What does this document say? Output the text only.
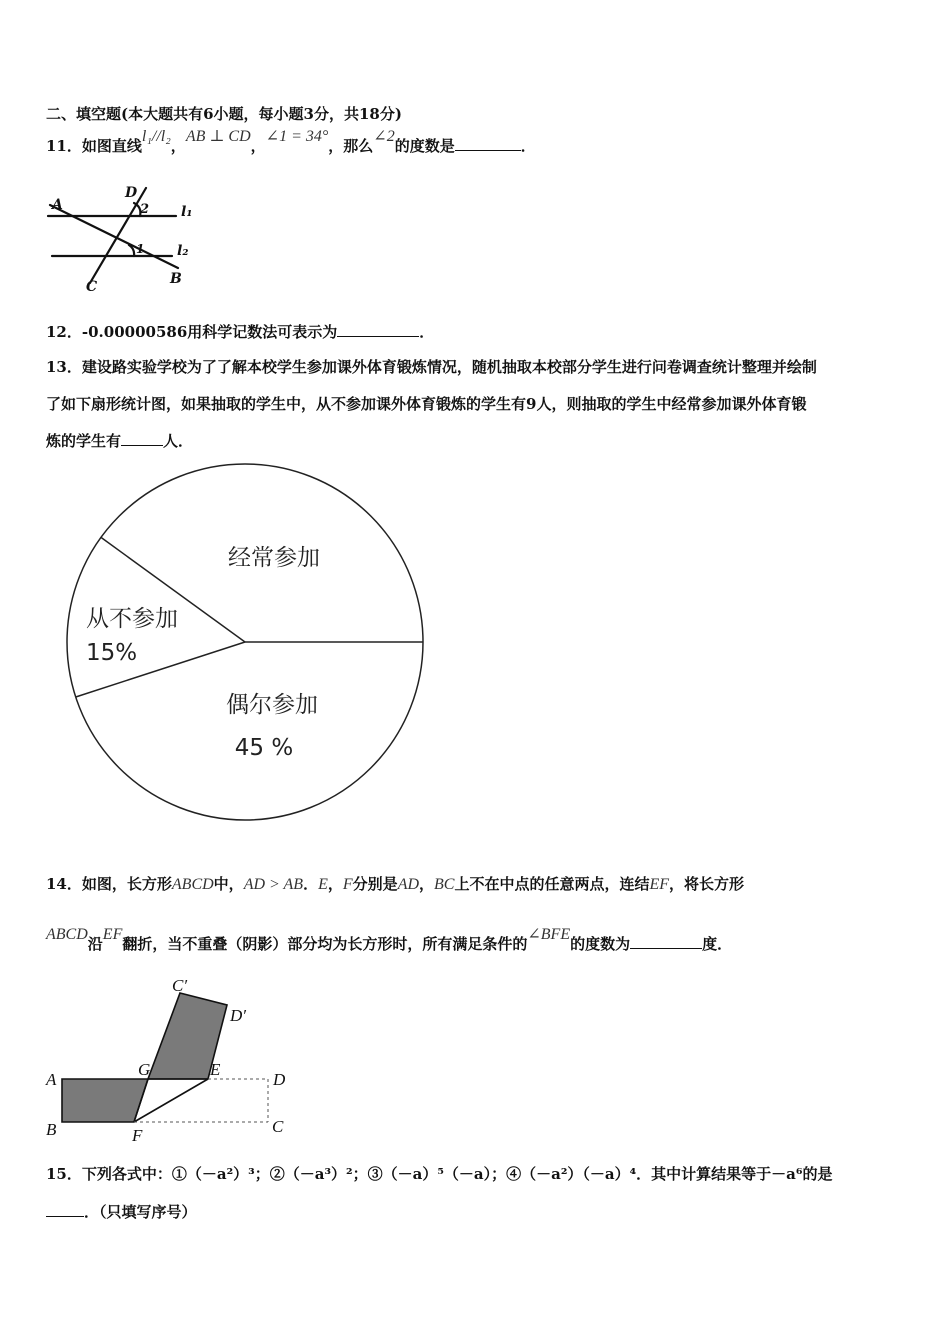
二、填空题(本大题共有6小题，每小题3分，共18分)
11．如图直线l₁//l₂，AB ⊥ CD，∠1 = 34°，那么∠2的度数是	．
A
B
C
D
l₁
l₂
1
2
12．-0.00000586用科学记数法可表示为	．
13．建设路实验学校为了了解本校学生参加课外体育锻炼情况，随机抽取本校部分学生进行问卷调查统计整理并绘制
了如下扇形统计图，如果抽取的学生中，从不参加课外体育锻炼的学生有9人，则抽取的学生中经常参加课外体育锻
炼的学生有	人．
经常参加
从不参加
15%
偶尔参加
45 %
14．如图，长方形ABCD中，AD > AB．E，F分别是AD，BC上不在中点的任意两点，连结EF，将长方形
ABCD沿EF翻折，当不重叠（阴影）部分均为长方形时，所有满足条件的∠BFE的度数为	度．
A
B	C
D
E
F
G
C′
D′
15．下列各式中：①（－a²）³；②（－a³）²；③（－a）⁵（－a）；④（－a²）（－a）⁴．其中计算结果等于－a⁶的是
．（只填写序号）
